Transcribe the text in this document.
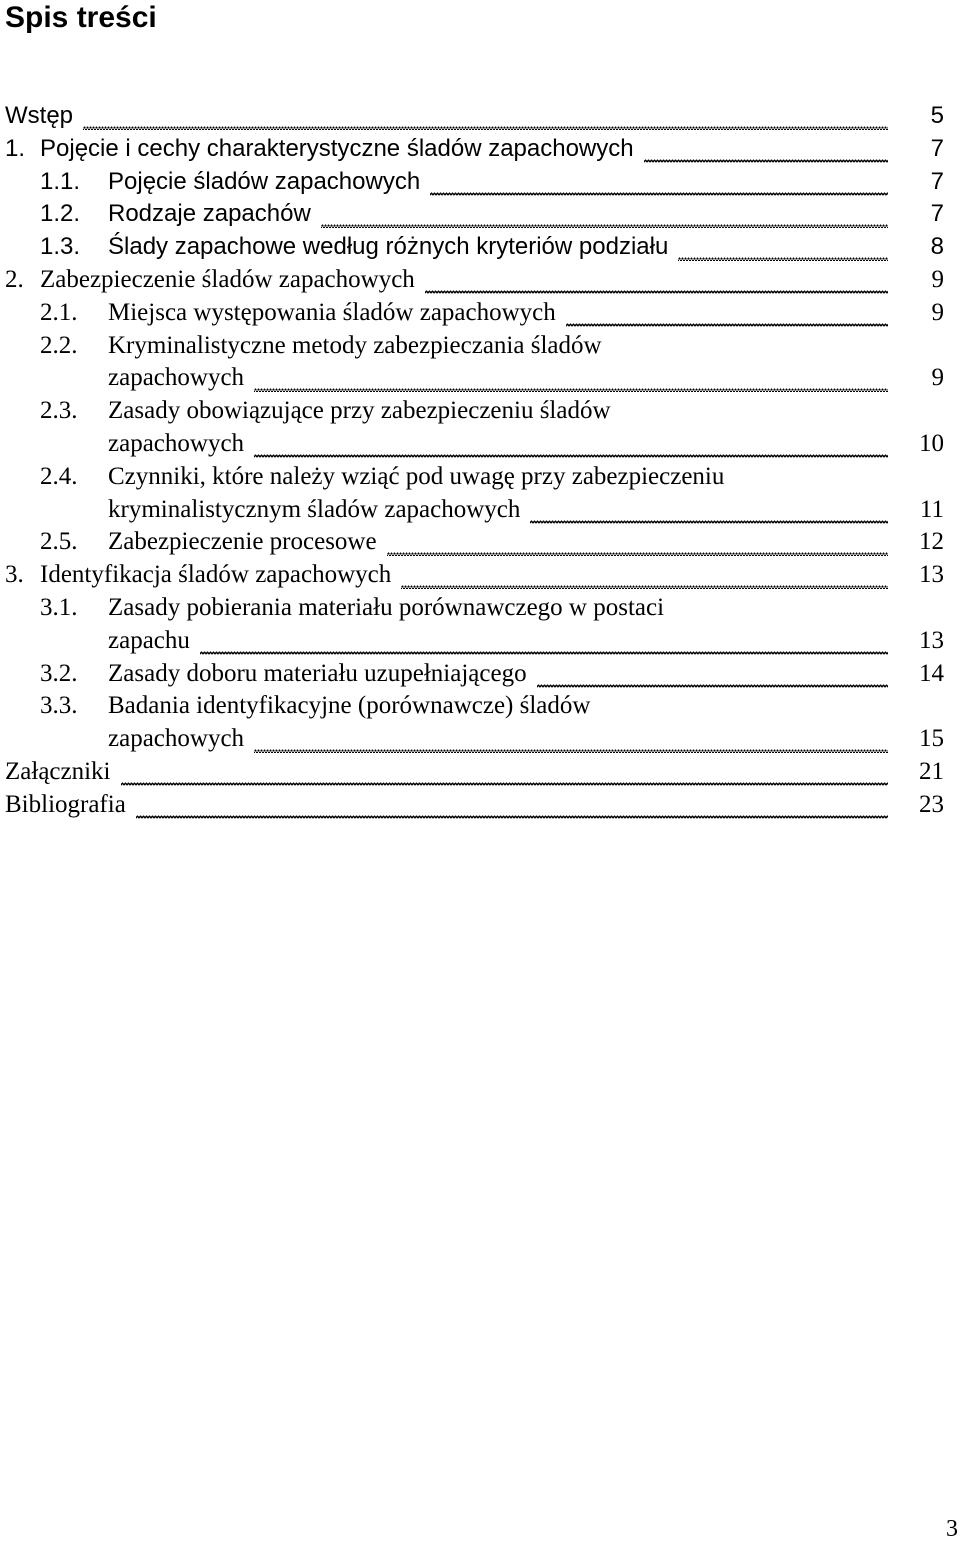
Spis treści
Wstęp	5
1. Pojęcie i cechy charakterystyczne śladów zapachowych	7
1.1. Pojęcie śladów zapachowych	7
1.2. Rodzaje zapachów	7
1.3. Ślady zapachowe według różnych kryteriów podziału	8
2. Zabezpieczenie śladów zapachowych	9
2.1. Miejsca występowania śladów zapachowych	9
2.2. Kryminalistyczne metody zabezpieczania śladów
zapachowych	9
2.3. Zasady obowiązujące przy zabezpieczeniu śladów
zapachowych	10
2.4. Czynniki, które należy wziąć pod uwagę przy zabezpieczeniu
kryminalistycznym śladów zapachowych	11
2.5. Zabezpieczenie procesowe	12
3. Identyfikacja śladów zapachowych	13
3.1. Zasady pobierania materiału porównawczego w postaci
zapachu	13
3.2. Zasady doboru materiału uzupełniającego	14
3.3. Badania identyfikacyjne (porównawcze) śladów
zapachowych	15
Załączniki	21
Bibliografia	23
3
